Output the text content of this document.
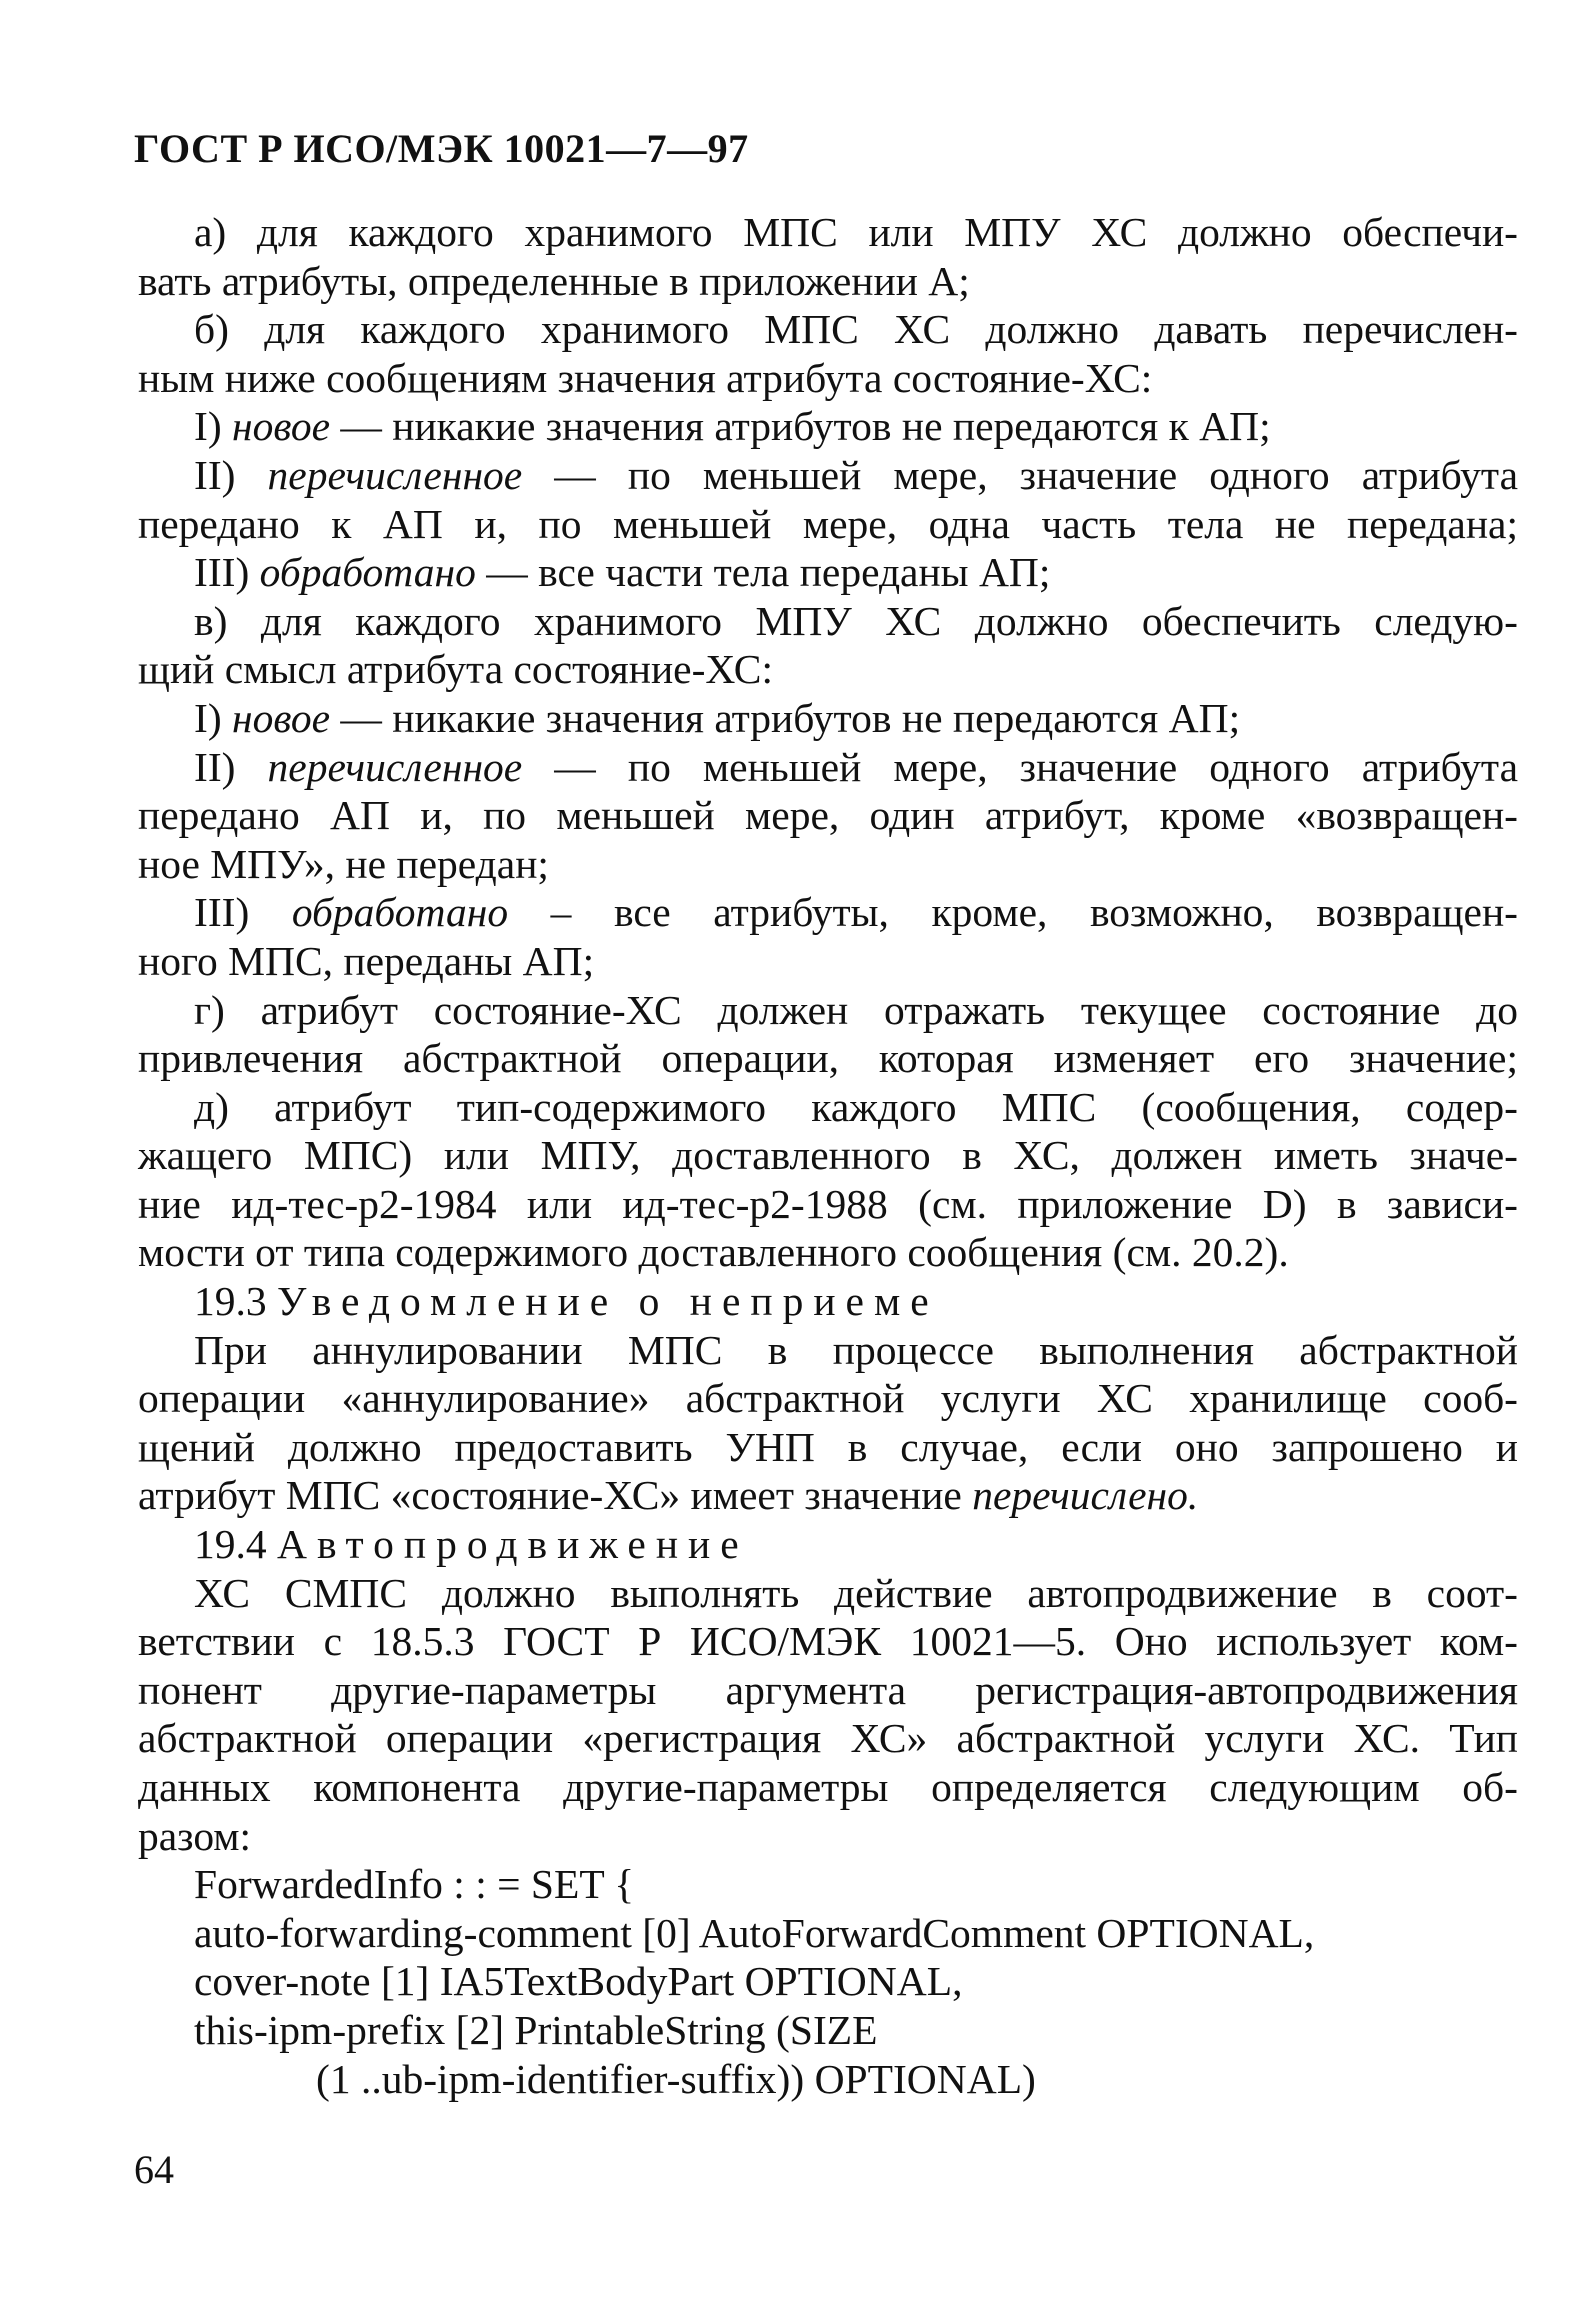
ГОСТ Р ИСО/МЭК 10021—7—97
а) для каждого хранимого МПС или МПУ ХС должно обеспечи-
вать атрибуты, определенные в приложении А;
б) для каждого хранимого МПС ХС должно давать перечислен-
ным ниже сообщениям значения атрибута состояние-ХС:
I) новое — никакие значения атрибутов не передаются к АП;
II) перечисленное — по меньшей мере, значение одного атрибута
передано к АП и, по меньшей мере, одна часть тела не передана;
III) обработано — все части тела переданы АП;
в) для каждого хранимого МПУ ХС должно обеспечить следую-
щий смысл атрибута состояние-ХС:
I) новое — никакие значения атрибутов не передаются АП;
II) перечисленное — по меньшей мере, значение одного атрибута
передано АП и, по меньшей мере, один атрибут, кроме «возвращен-
ное МПУ», не передан;
III) обработано – все атрибуты, кроме, возможно, возвращен-
ного МПС, переданы АП;
г) атрибут состояние-ХС должен отражать текущее состояние до
привлечения абстрактной операции, которая изменяет его значение;
д) атрибут тип-содержимого каждого МПС (сообщения, содер-
жащего МПС) или МПУ, доставленного в ХС, должен иметь значе-
ние ид-тес-р2-1984 или ид-тес-р2-1988 (см. приложение D) в зависи-
мости от типа содержимого доставленного сообщения (см. 20.2).
19.3 Уведомление о неприеме
При аннулировании МПС в процессе выполнения абстрактной
операции «аннулирование» абстрактной услуги ХС хранилище сооб-
щений должно предоставить УНП в случае, если оно запрошено и
атрибут МПС «состояние-ХС» имеет значение перечислено.
19.4 Автопродвижение
ХС СМПС должно выполнять действие автопродвижение в соот-
ветствии с 18.5.3 ГОСТ Р ИСО/МЭК 10021—5. Оно использует ком-
понент другие-параметры аргумента регистрация-автопродвижения
абстрактной операции «регистрация ХС» абстрактной услуги ХС. Тип
данных компонента другие-параметры определяется следующим об-
разом:
ForwardedInfo : : = SET {
auto-forwarding-comment [0] AutoForwardComment OPTIONAL,
cover-note [1] IA5TextBodyPart OPTIONAL,
this-ipm-prefix [2] PrintableString (SIZE
(1 ..ub-ipm-identifier-suffix)) OPTIONAL)
64
